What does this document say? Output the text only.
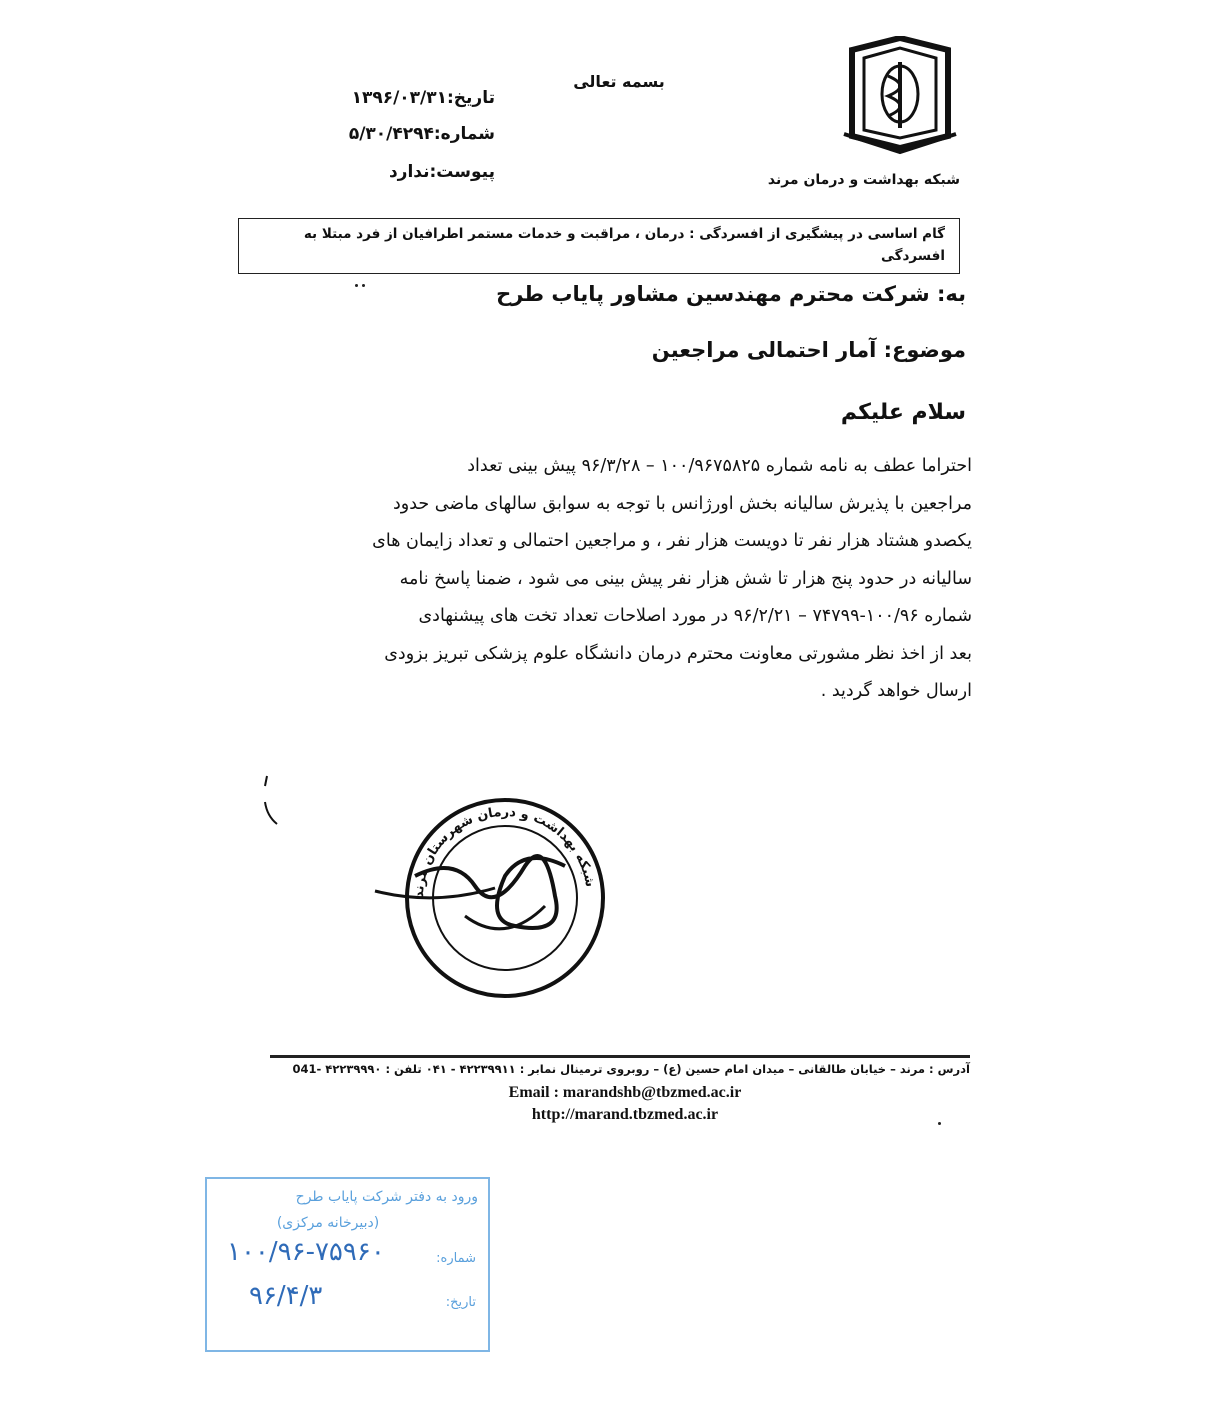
شبکه بهداشت و درمان مرند
بسمه تعالی
تاریخ:۱۳۹۶/۰۳/۳۱
شماره:۵/۳۰/۴۲۹۴
پیوست:ندارد
گام اساسی در پیشگیری از افسردگی : درمان ، مراقبت و خدمات مستمر اطرافیان از فرد مبتلا به افسردگی
به: شرکت محترم مهندسین مشاور پایاب طرح
موضوع: آمار احتمالی مراجعین
سلام علیکم
احتراما عطف به نامه شماره ۱۰۰/۹۶۷۵۸۲۵ – ۹۶/۳/۲۸ پیش بینی تعداد
مراجعین با پذیرش سالیانه بخش اورژانس با توجه به سوابق سالهای ماضی حدود
یکصدو هشتاد هزار نفر تا دویست هزار نفر ، و مراجعین احتمالی و تعداد زایمان های
سالیانه در حدود پنج هزار تا شش هزار نفر پیش بینی می شود ، ضمنا پاسخ نامه
شماره ۱۰۰/۹۶-۷۴۷۹۹ – ۹۶/۲/۲۱ در مورد اصلاحات تعداد تخت های پیشنهادی
بعد از اخذ نظر مشورتی معاونت محترم درمان دانشگاه علوم پزشکی تبریز بزودی
ارسال خواهد گردید .
شبکه بهداشت و درمان شهرستان مرند
آدرس : مرند – خیابان طالقانی – میدان امام حسین (ع) – روبروی ترمینال نمابر : ۴۲۲۳۹۹۱۱ - ۰۴۱ تلفن : ۴۲۲۳۹۹۹۰ -041
Email : marandshb@tbzmed.ac.ir
http://marand.tbzmed.ac.ir
ورود به دفتر شرکت پایاب طرح
(دبیرخانه مرکزی)
شماره:
تاریخ:
۱۰۰/۹۶-۷۵۹۶۰
۹۶/۴/۳
